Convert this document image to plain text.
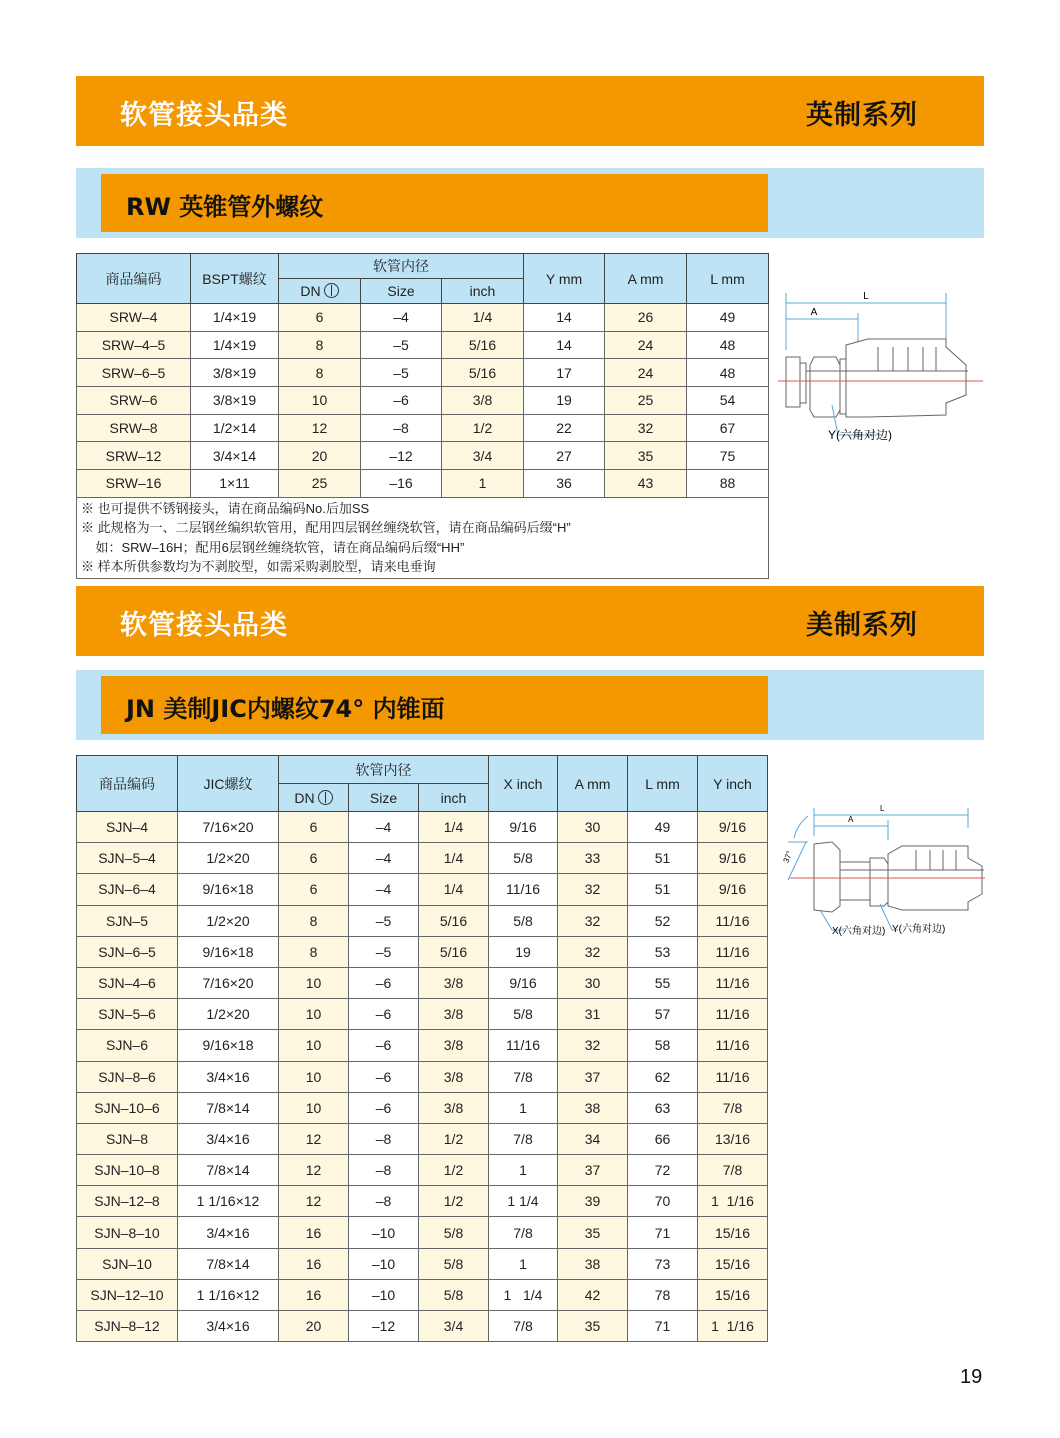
软管接头品类	英制系列
RW 英锥管外螺纹
商品编码	BSPT螺纹	软管内径			Y mm	A mm	L mm
		DN	Size	inch			
SRW–4	1/4×19	6	–4	1/4	14	26	49
SRW–4–5	1/4×19	8	–5	5/16	14	24	48
SRW–6–5	3/8×19	8	–5	5/16	17	24	48
SRW–6	3/8×19	10	–6	3/8	19	25	54
SRW–8	1/2×14	12	–8	1/2	22	32	67
SRW–12	3/4×14	20	–12	3/4	27	35	75
SRW–16	1×11	25	–16	1	36	43	88

※ 也可提供不锈钢接头，请在商品编码No.后加SS
※ 此规格为一、二层钢丝编织软管用，配用四层钢丝缠绕软管，请在商品编码后缀“H”
如：SRW–16H；配用6层钢丝缠绕软管，请在商品编码后缀“HH”
※ 样本所供参数均为不剥胶型，如需采购剥胶型，请来电垂询							
L
A
Y(六角对边)
软管接头品类	美制系列
JN 美制JIC内螺纹74° 内锥面
商品编码	JIC螺纹	软管内径			X inch	A mm	L mm	Y inch
		DN	Size	inch				
SJN–4	7/16×20	6	–4	1/4	9/16	30	49	9/16
SJN–5–4	1/2×20	6	–4	1/4	5/8	33	51	9/16
SJN–6–4	9/16×18	6	–4	1/4	11/16	32	51	9/16
SJN–5	1/2×20	8	–5	5/16	5/8	32	52	11/16
SJN–6–5	9/16×18	8	–5	5/16	19	32	53	11/16
SJN–4–6	7/16×20	10	–6	3/8	9/16	30	55	11/16
SJN–5–6	1/2×20	10	–6	3/8	5/8	31	57	11/16
SJN–6	9/16×18	10	–6	3/8	11/16	32	58	11/16
SJN–8–6	3/4×16	10	–6	3/8	7/8	37	62	11/16
SJN–10–6	7/8×14	10	–6	3/8	1	38	63	7/8
SJN–8	3/4×16	12	–8	1/2	7/8	34	66	13/16
SJN–10–8	7/8×14	12	–8	1/2	1	37	72	7/8
SJN–12–8	1 1/16×12	12	–8	1/2	1 1/4	39	70	1  1/16
SJN–8–10	3/4×16	16	–10	5/8	7/8	35	71	15/16
SJN–10	7/8×14	16	–10	5/8	1	38	73	15/16
SJN–12–10	1 1/16×12	16	–10	5/8	1   1/4	42	78	15/16
SJN–8–12	3/4×16	20	–12	3/4	7/8	35	71	1  1/16
L
A
37°
X(六角对边) Y(六角对边)
19
